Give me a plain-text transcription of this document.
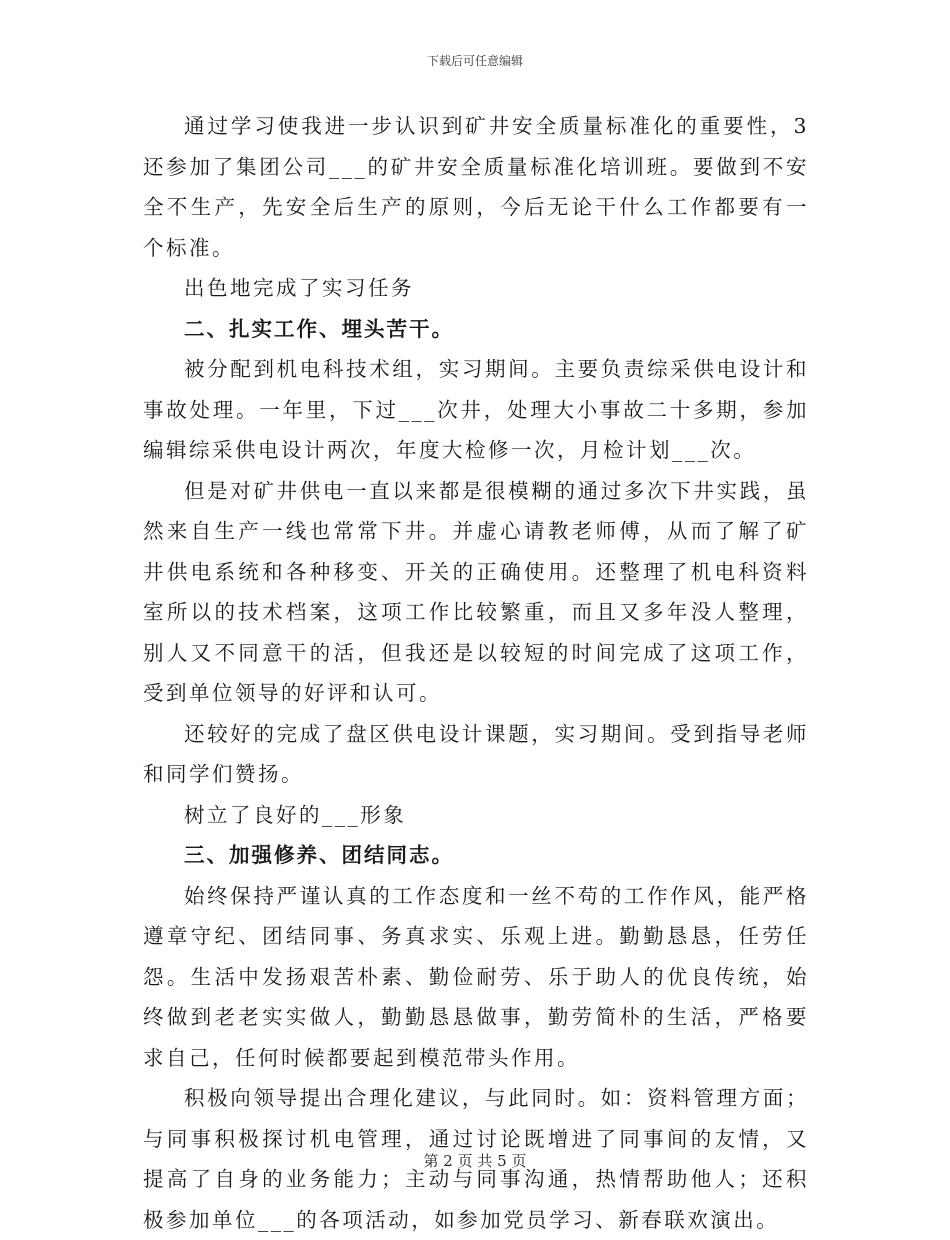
下载后可任意编辑

通过学习使我进一步认识到矿井安全质量标准化的重要性，3还参加了集团公司___的矿井安全质量标准化培训班。要做到不安全不生产，先安全后生产的原则，今后无论干什么工作都要有一个标准。

出色地完成了实习任务

二、扎实工作、埋头苦干。

被分配到机电科技术组，实习期间。主要负责综采供电设计和事故处理。一年里，下过___次井，处理大小事故二十多期，参加编辑综采供电设计两次，年度大检修一次，月检计划___次。

但是对矿井供电一直以来都是很模糊的通过多次下井实践，虽然来自生产一线也常常下井。并虚心请教老师傅，从而了解了矿井供电系统和各种移变、开关的正确使用。还整理了机电科资料室所以的技术档案，这项工作比较繁重，而且又多年没人整理，别人又不同意干的活，但我还是以较短的时间完成了这项工作，受到单位领导的好评和认可。

还较好的完成了盘区供电设计课题，实习期间。受到指导老师和同学们赞扬。

树立了良好的___形象

三、加强修养、团结同志。

始终保持严谨认真的工作态度和一丝不苟的工作作风，能严格遵章守纪、团结同事、务真求实、乐观上进。勤勤恳恳，任劳任怨。生活中发扬艰苦朴素、勤俭耐劳、乐于助人的优良传统，始终做到老老实实做人，勤勤恳恳做事，勤劳简朴的生活，严格要求自己，任何时候都要起到模范带头作用。

积极向领导提出合理化建议，与此同时。如：资料管理方面；与同事积极探讨机电管理，通过讨论既增进了同事间的友情，又提高了自身的业务能力；主动与同事沟通，热情帮助他人；还积极参加单位___的各项活动，如参加党员学习、新春联欢演出。

第 2 页 共 5 页
